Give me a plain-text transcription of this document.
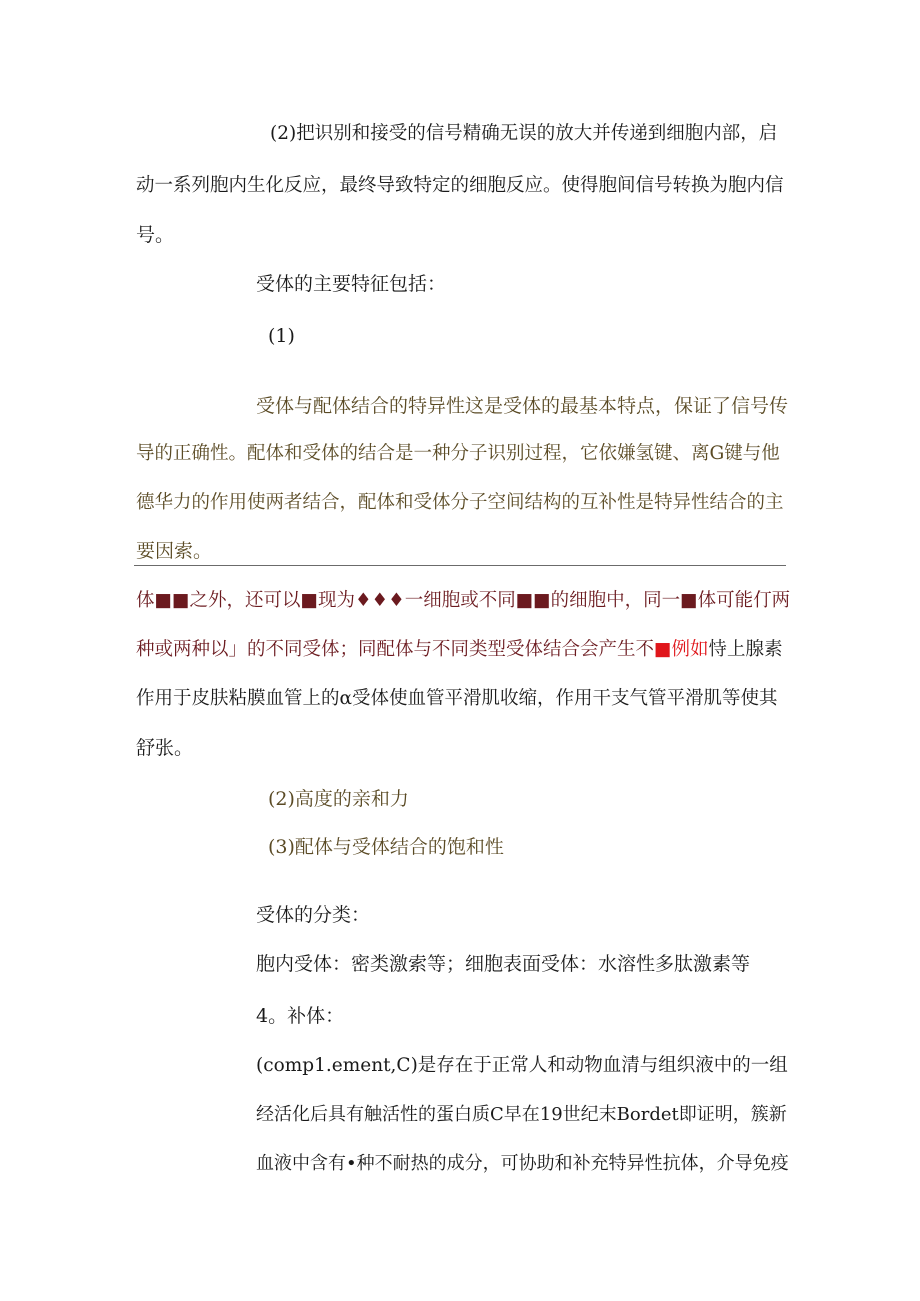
(2)把识别和接受的信号精确无误的放大并传递到细胞内部，启
动一系列胞内生化反应，最终导致特定的细胞反应。使得胞间信号转换为胞内信
号。
受体的主要特征包括：
(1)
受体与配体结合的特异性这是受体的最基本特点，保证了信号传
导的正确性。配体和受体的结合是一种分子识别过程，它依嫌氢键、离G键与他
德华力的作用使两者结合，配体和受体分子空间结构的互补性是特异性结合的主
要因索。
体■■之外，还可以■现为♦♦♦一细胞或不同■■的细胞中，同一■体可能仃两
种或两种以」的不同受体；同配体与不同类型受体结合会产生不■例如恃上腺素
作用于皮肤粘膜血管上的α受体使血管平滑肌收缩，作用干支气管平滑肌等使其
舒张。
(2)高度的亲和力
(3)配体与受体结合的饱和性
受体的分类：
胞内受体：密类激索等；细胞表面受体：水溶性多肽激素等
4。补体：
(comp1.ement,C)是存在于正常人和动物血清与组织液中的一组
经活化后具有触活性的蛋白质C早在19世纪末Bordet即证明，簇新
血液中含有•种不耐热的成分，可协助和补充特异性抗体，介导免疫
